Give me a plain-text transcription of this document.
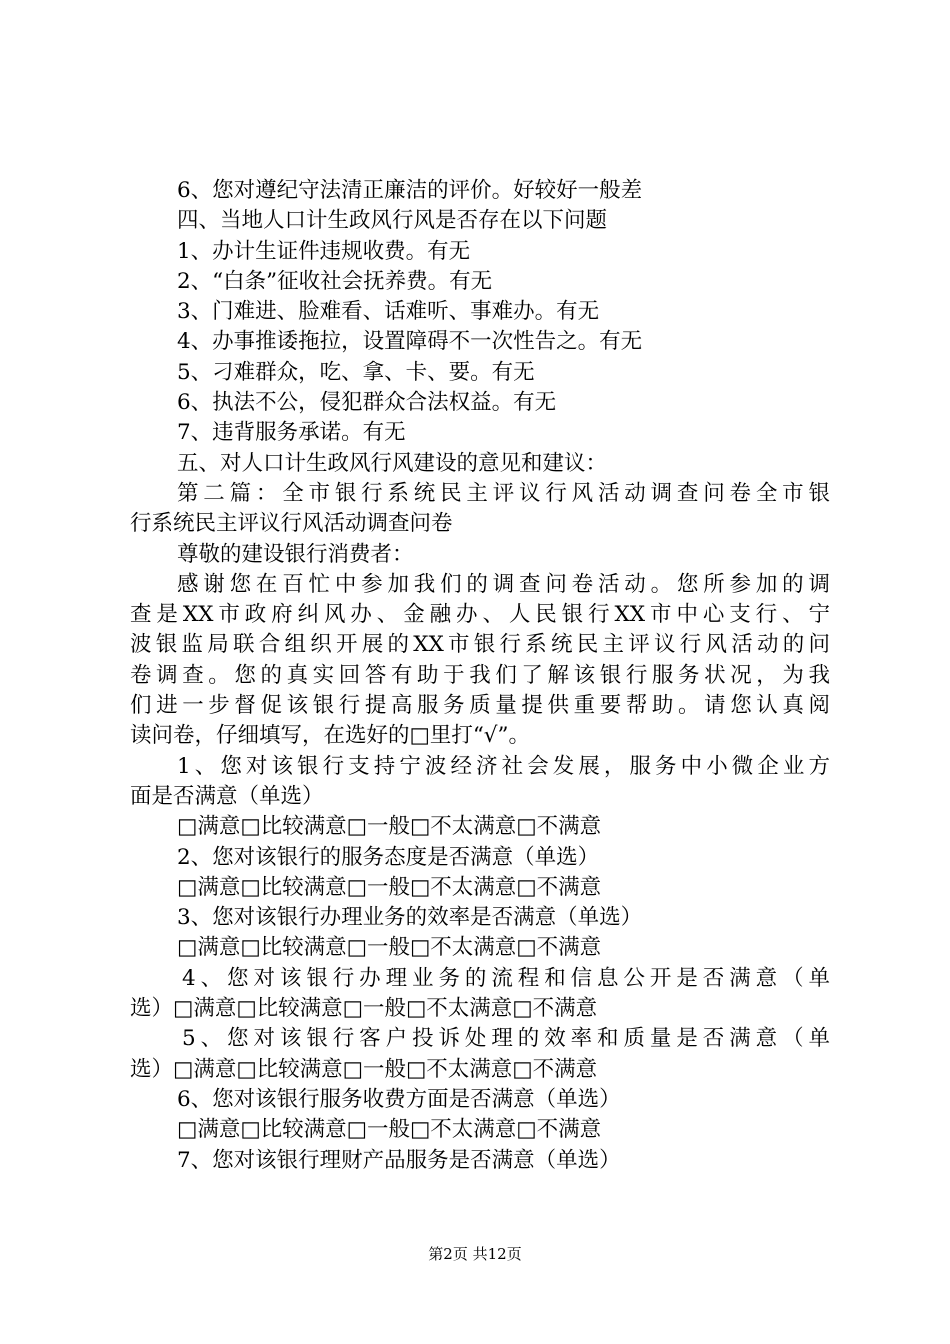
6、您对遵纪守法清正廉洁的评价。好较好一般差
四、当地人口计生政风行风是否存在以下问题
1、办计生证件违规收费。有无
2、“白条”征收社会抚养费。有无
3、门难进、脸难看、话难听、事难办。有无
4、办事推诿拖拉，设置障碍不一次性告之。有无
5、刁难群众，吃、拿、卡、要。有无
6、执法不公，侵犯群众合法权益。有无
7、违背服务承诺。有无
五、对人口计生政风行风建设的意见和建议：
第二篇：全市银行系统民主评议行风活动调查问卷全市银
行系统民主评议行风活动调查问卷
尊敬的建设银行消费者：
感谢您在百忙中参加我们的调查问卷活动。您所参加的调
查是XX市政府纠风办、金融办、人民银行XX市中心支行、宁
波银监局联合组织开展的XX市银行系统民主评议行风活动的问
卷调查。您的真实回答有助于我们了解该银行服务状况，为我
们进一步督促该银行提高服务质量提供重要帮助。请您认真阅
读问卷，仔细填写，在选好的□里打“√”。
1、您对该银行支持宁波经济社会发展，服务中小微企业方
面是否满意（单选）
□满意□比较满意□一般□不太满意□不满意
2、您对该银行的服务态度是否满意（单选）
□满意□比较满意□一般□不太满意□不满意
3、您对该银行办理业务的效率是否满意（单选）
□满意□比较满意□一般□不太满意□不满意
4、您对该银行办理业务的流程和信息公开是否满意（单
选）□满意□比较满意□一般□不太满意□不满意
5、您对该银行客户投诉处理的效率和质量是否满意（单
选）□满意□比较满意□一般□不太满意□不满意
6、您对该银行服务收费方面是否满意（单选）
□满意□比较满意□一般□不太满意□不满意
7、您对该银行理财产品服务是否满意（单选）
第2页 共12页
